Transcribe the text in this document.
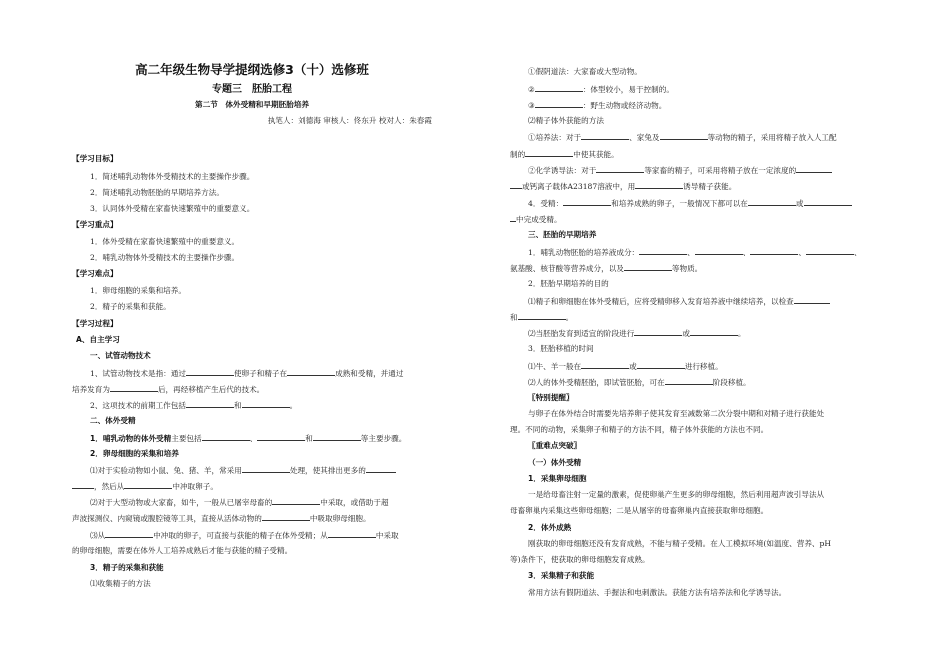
高二年级生物导学提纲选修3（十）选修班
专题三　胚胎工程
第二节　体外受精和早期胚胎培养
执笔人：刘德海 审核人：佟东升 校对人：朱春霞
【学习目标】
1．简述哺乳动物体外受精技术的主要操作步骤。
2．简述哺乳动物胚胎的早期培养方法。
3．认同体外受精在家畜快速繁殖中的重要意义。
【学习重点】
1．体外受精在家畜快速繁殖中的重要意义。
2．哺乳动物体外受精技术的主要操作步骤。
【学习难点】
1．卵母细胞的采集和培养。
2．精子的采集和获能。
【学习过程】
A、自主学习
一、试管动物技术
1、试管动物技术是指：通过	使卵子和精子在	成熟和受精，并通过
培养发育为	后，再经移植产生后代的技术。
2、这项技术的前期工作包括	和	。
二、体外受精
1．哺乳动物的体外受精主要包括	、	和	等主要步骤。
2．卵母细胞的采集和培养
⑴对于实验动物如小鼠、兔、猪、羊，常采用	处理，使其排出更多的
，然后从	中冲取卵子。
⑵对于大型动物或大家畜，如牛，一般从已屠宰母畜的	中采取，或借助于超
声波探测仪、内窥镜或腹腔镜等工具，直接从活体动物的	中吸取卵母细胞。
⑶从	中冲取的卵子，可直接与获能的精子在体外受精；从	中采取
的卵母细胞，需要在体外人工培养成熟后才能与获能的精子受精。
3．精子的采集和获能
⑴收集精子的方法
①假阴道法：大家畜或大型动物。
②	：体型较小，易于控制的。
③	：野生动物或经济动物。
⑵精子体外获能的方法
①培养法：对于	、家兔及	等动物的精子，采用将精子放入人工配
制的	中使其获能。
②化学诱导法：对于	等家畜的精子，可采用将精子放在一定浓度的
或钙离子载体A23187溶液中，用	诱导精子获能。
4．受精：	和培养成熟的卵子，一般情况下都可以在	或
中完成受精。
三、胚胎的早期培养
1．哺乳动物胚胎的培养液成分：	、	、	、	、
氨基酸、核苷酸等营养成分，以及	等物质。
2．胚胎早期培养的目的
⑴精子和卵细胞在体外受精后，应将受精卵移入发育培养液中继续培养，以检查
和	。
⑵当胚胎发育到适宜的阶段进行	或	。
3．胚胎移植的时间
⑴牛、羊一般在	或	进行移植。
⑵人的体外受精胚胎，即试管胚胎，可在	阶段移植。
〖特别提醒〗
与卵子在体外结合时需要先培养卵子使其发育至减数第二次分裂中期和对精子进行获能处
理。不同的动物，采集卵子和精子的方法不同，精子体外获能的方法也不同。
〖重难点突破〗
（一）体外受精
1．采集卵母细胞
一是给母畜注射一定量的激素，促使卵巢产生更多的卵母细胞，然后利用超声波引导法从
母畜卵巢内采集这些卵母细胞；二是从屠宰的母畜卵巢内直接获取卵母细胞。
2．体外成熟
刚获取的卵母细胞还没有发育成熟，不能与精子受精。在人工模拟环境(如温度、营养、pH
等)条件下，使获取的卵母细胞发育成熟。
3．采集精子和获能
常用方法有假阴道法、手握法和电刺激法。获能方法有培养法和化学诱导法。
